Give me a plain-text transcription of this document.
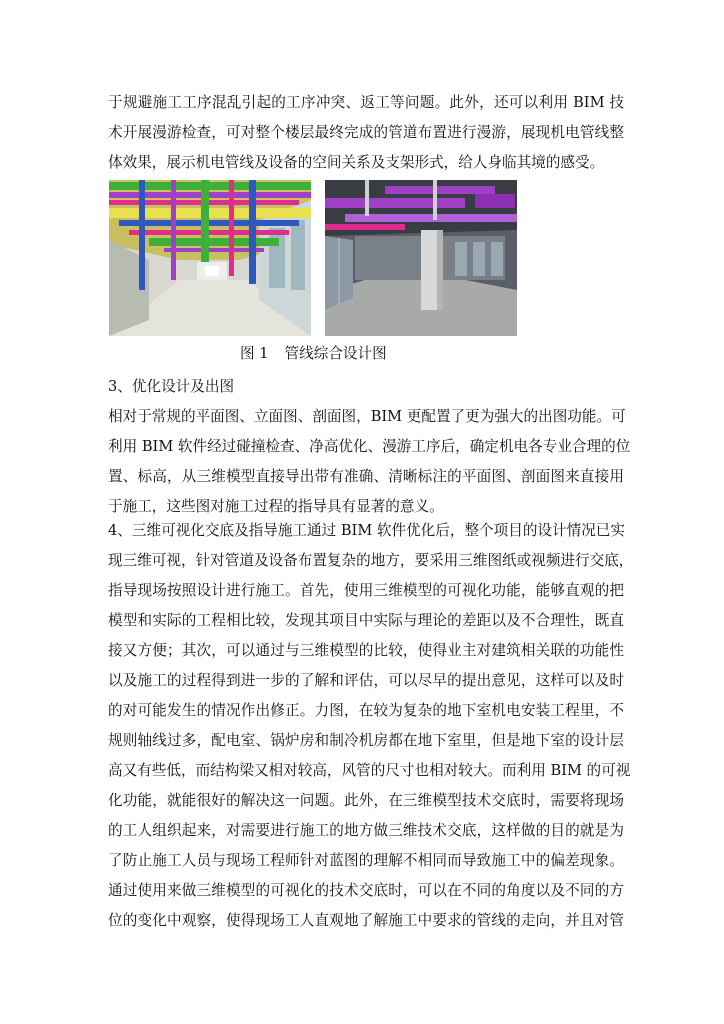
于规避施工工序混乱引起的工序冲突、返工等问题。此外，还可以利用 BIM 技
术开展漫游检查，可对整个楼层最终完成的管道布置进行漫游，展现机电管线整
体效果，展示机电管线及设备的空间关系及支架形式，给人身临其境的感受。
图 1 管线综合设计图
3、优化设计及出图
相对于常规的平面图、立面图、剖面图，BIM 更配置了更为强大的出图功能。可
利用 BIM 软件经过碰撞检查、净高优化、漫游工序后，确定机电各专业合理的位
置、标高，从三维模型直接导出带有准确、清晰标注的平面图、剖面图来直接用
于施工，这些图对施工过程的指导具有显著的意义。
4、三维可视化交底及指导施工通过 BIM 软件优化后，整个项目的设计情况已实
现三维可视，针对管道及设备布置复杂的地方，要采用三维图纸或视频进行交底，
指导现场按照设计进行施工。首先，使用三维模型的可视化功能，能够直观的把
模型和实际的工程相比较，发现其项目中实际与理论的差距以及不合理性，既直
接又方便；其次，可以通过与三维模型的比较，使得业主对建筑相关联的功能性
以及施工的过程得到进一步的了解和评估，可以尽早的提出意见，这样可以及时
的对可能发生的情况作出修正。力图，在较为复杂的地下室机电安装工程里，不
规则轴线过多，配电室、锅炉房和制冷机房都在地下室里，但是地下室的设计层
高又有些低，而结构梁又相对较高，风管的尺寸也相对较大。而利用 BIM 的可视
化功能，就能很好的解决这一问题。此外，在三维模型技术交底时，需要将现场
的工人组织起来，对需要进行施工的地方做三维技术交底，这样做的目的就是为
了防止施工人员与现场工程师针对蓝图的理解不相同而导致施工中的偏差现象。
通过使用来做三维模型的可视化的技术交底时，可以在不同的角度以及不同的方
位的变化中观察，使得现场工人直观地了解施工中要求的管线的走向，并且对管
